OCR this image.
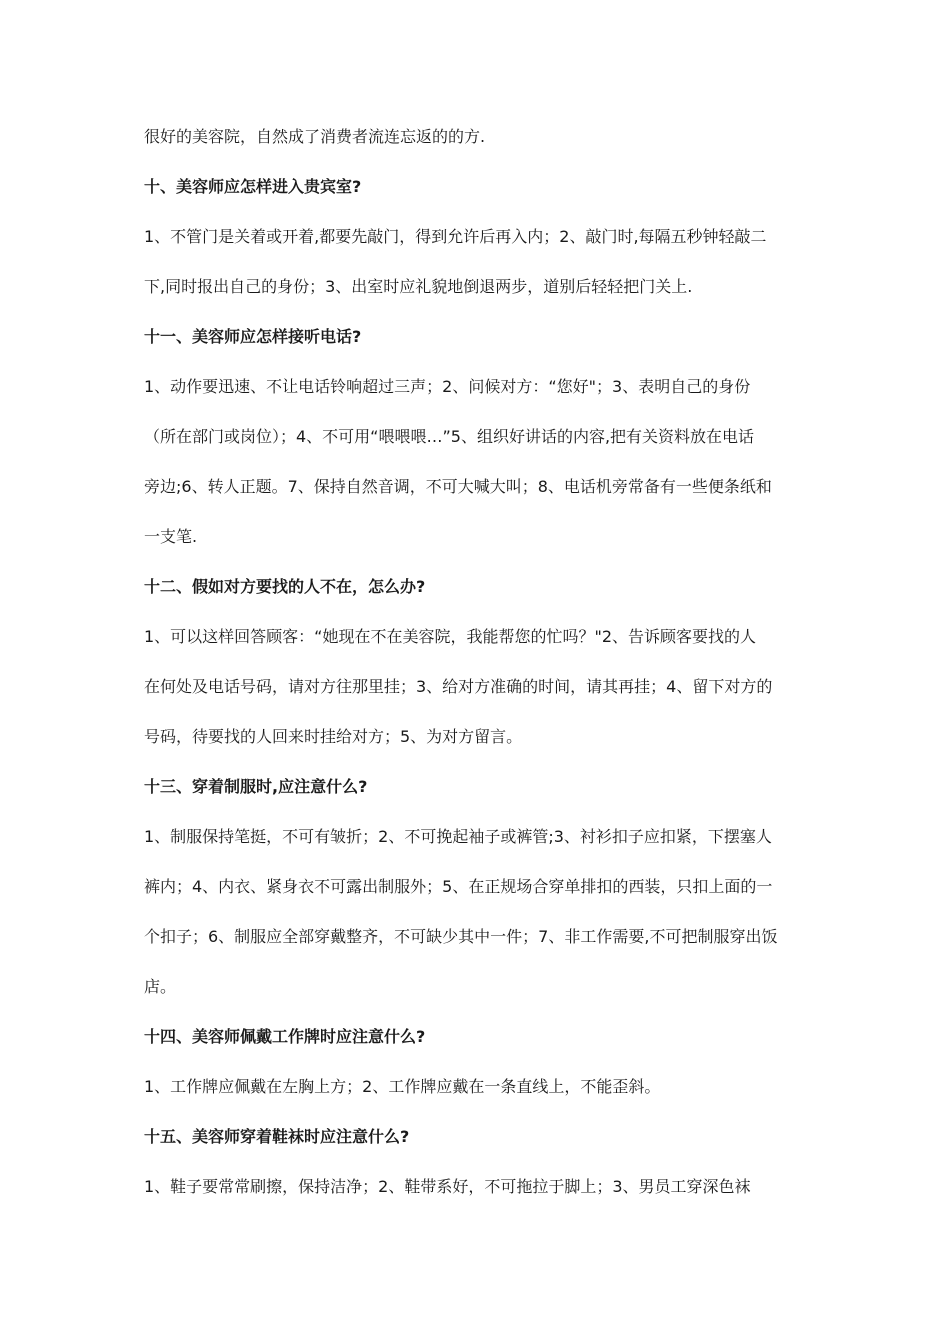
很好的美容院，自然成了消费者流连忘返的的方.
十、美容师应怎样进入贵宾室?
1、不管门是关着或开着,都要先敲门，得到允许后再入内；2、敲门时,每隔五秒钟轻敲二
下,同时报出自己的身份；3、出室时应礼貌地倒退两步，道别后轻轻把门关上.
十一、美容师应怎样接听电话?
1、动作要迅速、不让电话铃响超过三声；2、问候对方：“您好"；3、表明自己的身份
（所在部门或岗位）；4、不可用“喂喂喂…”5、组织好讲话的内容,把有关资料放在电话
旁边;6、转人正题。7、保持自然音调，不可大喊大叫；8、电话机旁常备有一些便条纸和
一支笔.
十二、假如对方要找的人不在，怎么办?
1、可以这样回答顾客：“她现在不在美容院，我能帮您的忙吗？"2、告诉顾客要找的人
在何处及电话号码，请对方往那里挂；3、给对方准确的时间，请其再挂；4、留下对方的
号码，待要找的人回来时挂给对方；5、为对方留言。
十三、穿着制服时,应注意什么?
1、制服保持笔挺，不可有皱折；2、不可挽起袖子或裤管;3、衬衫扣子应扣紧，下摆塞人
裤内；4、内衣、紧身衣不可露出制服外；5、在正规场合穿单排扣的西装，只扣上面的一
个扣子；6、制服应全部穿戴整齐，不可缺少其中一件；7、非工作需要,不可把制服穿出饭
店。
十四、美容师佩戴工作牌时应注意什么?
1、工作牌应佩戴在左胸上方；2、工作牌应戴在一条直线上，不能歪斜。
十五、美容师穿着鞋袜时应注意什么?
1、鞋子要常常刷擦，保持洁净；2、鞋带系好，不可拖拉于脚上；3、男员工穿深色袜
